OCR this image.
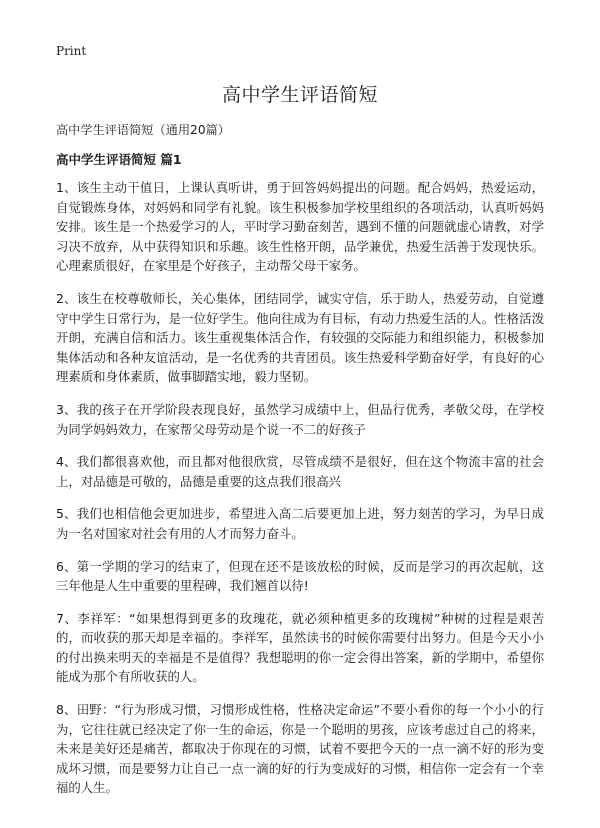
Print
高中学生评语简短
高中学生评语简短（通用20篇）
高中学生评语简短 篇1

1、该生主动干值日，上课认真听讲，勇于回答妈妈提出的问题。配合妈妈，热爱运动，自觉锻炼身体，对妈妈和同学有礼貌。该生积极参加学校里组织的各项活动，认真听妈妈安排。该生是一个热爱学习的人，平时学习勤奋刻苦，遇到不懂的问题就虚心请教，对学习决不放弃，从中获得知识和乐趣。该生性格开朗，品学兼优，热爱生活善于发现快乐。心理素质很好，在家里是个好孩子，主动帮父母干家务。

2、该生在校尊敬师长，关心集体，团结同学，诚实守信，乐于助人，热爱劳动，自觉遵守中学生日常行为，是一位好学生。他向往成为有目标，有动力热爱生活的人。性格活泼开朗，充满自信和活力。该生重视集体活合作，有较强的交际能力和组织能力，积极参加集体活动和各种友谊活动，是一名优秀的共青团员。该生热爱科学勤奋好学，有良好的心理素质和身体素质，做事脚踏实地，毅力坚韧。

3、我的孩子在开学阶段表现良好，虽然学习成绩中上，但品行优秀，孝敬父母，在学校为同学妈妈效力，在家帮父母劳动是个说一不二的好孩子

4、我们都很喜欢他，而且都对他很欣赏，尽管成绩不是很好，但在这个物流丰富的社会上，对品德是可敬的，品德是重要的这点我们很高兴

5、我们也相信他会更加进步，希望进入高二后要更加上进，努力刻苦的学习，为早日成为一名对国家对社会有用的人才而努力奋斗。

6、第一学期的学习的结束了，但现在还不是该放松的时候，反而是学习的再次起航，这三年他是人生中重要的里程碑，我们翘首以待!

7、李祥军：“如果想得到更多的玫瑰花，就必须种植更多的玫瑰树”种树的过程是艰苦的，而收获的那天却是幸福的。李祥军，虽然读书的时候你需要付出努力。但是今天小小的付出换来明天的幸福是不是值得？我想聪明的你一定会得出答案，新的学期中，希望你能成为那个有所收获的人。

8、田野：“行为形成习惯，习惯形成性格，性格决定命运”不要小看你的每一个小小的行为，它往往就已经决定了你一生的命运，你是一个聪明的男孩，应该考虑过自己的将来，未来是美好还是痛苦，都取决于你现在的习惯，试着不要把今天的一点一滴不好的形为变成坏习惯，而是要努力让自己一点一滴的好的行为变成好的习惯，相信你一定会有一个幸福的人生。
